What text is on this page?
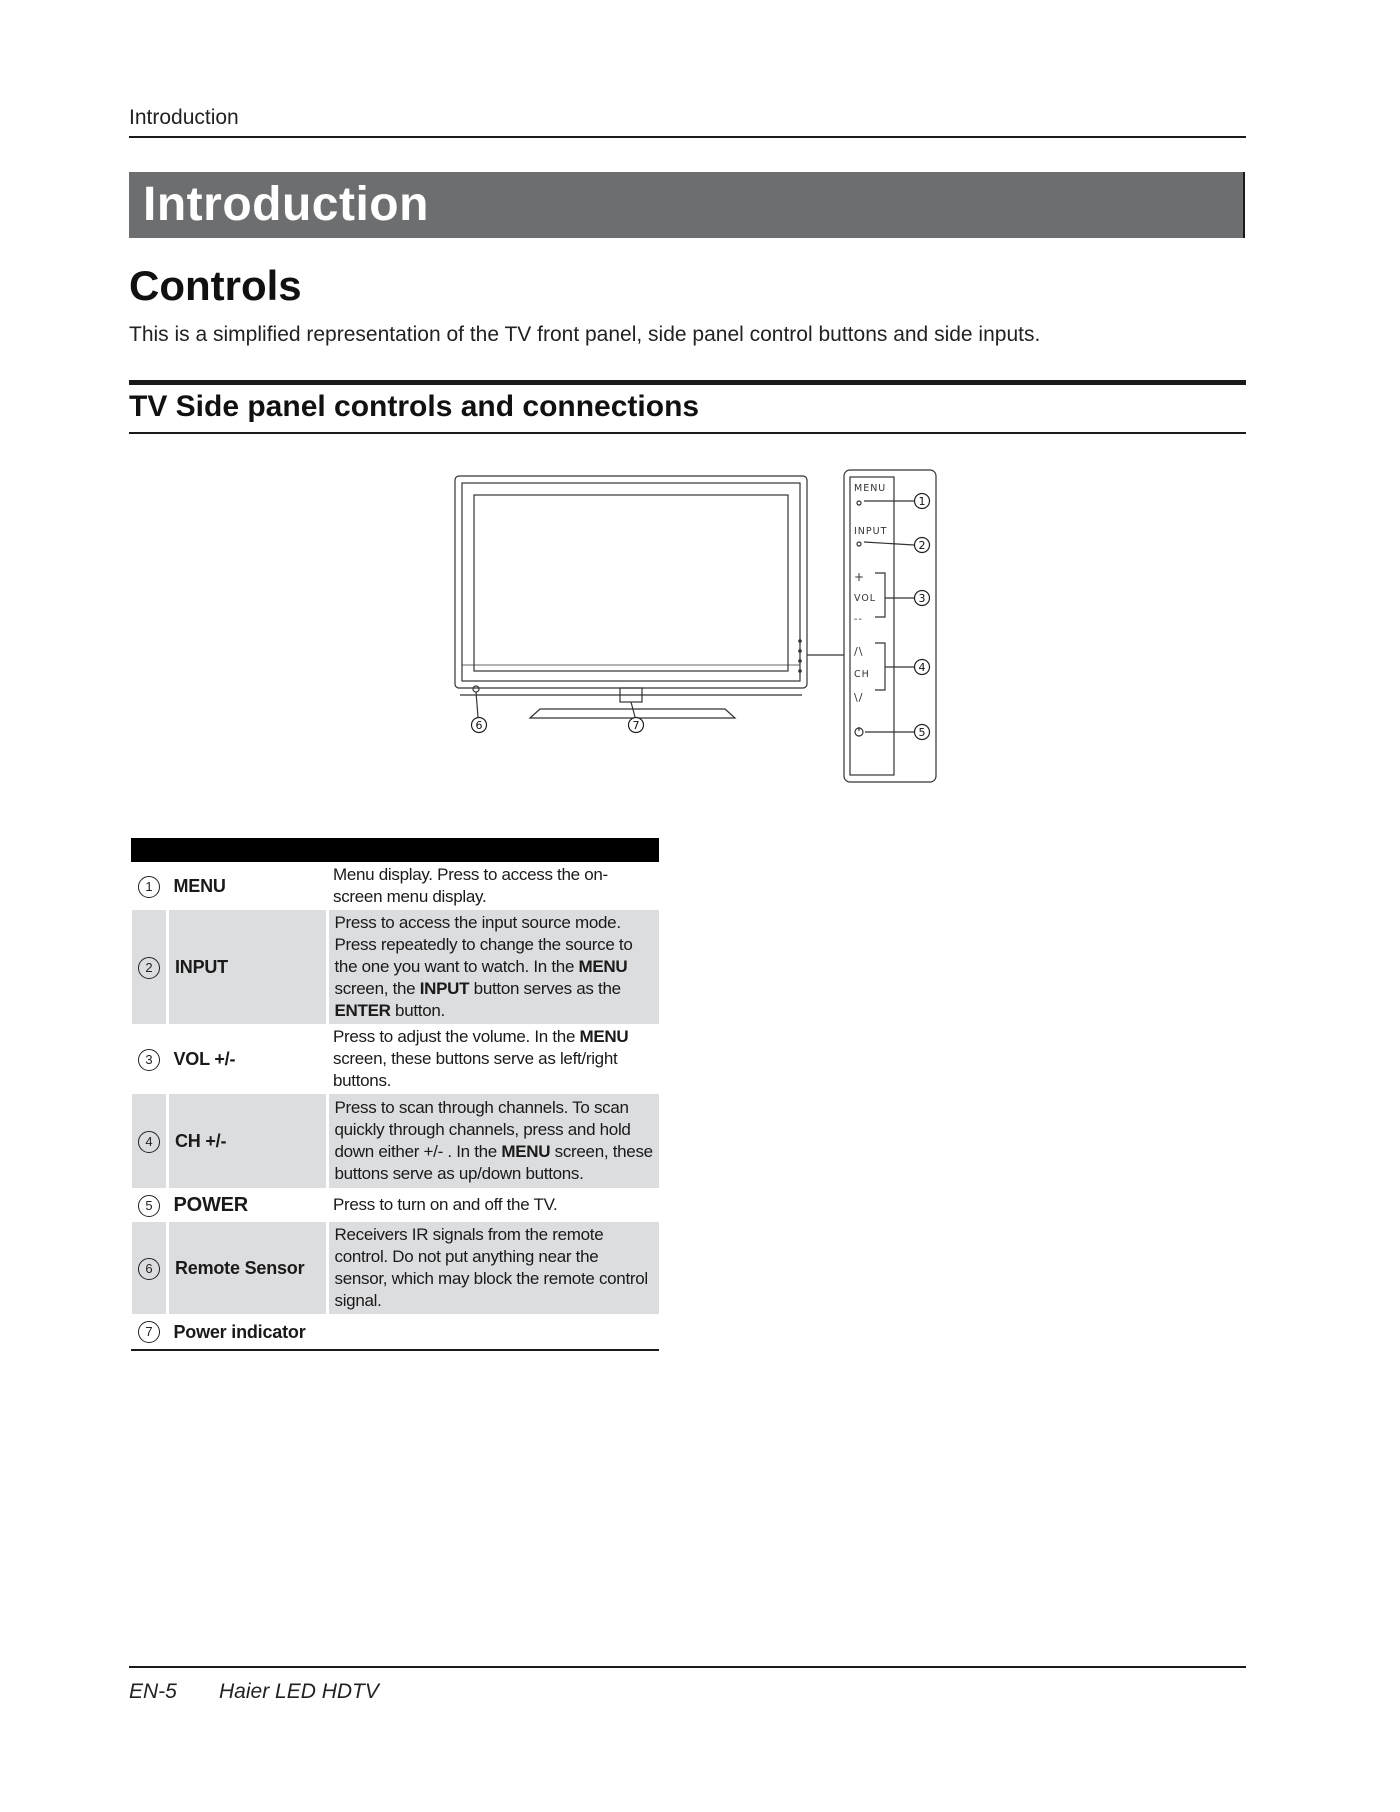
Introduction
Introduction
Controls
This is a simplified representation of the TV front panel, side panel control buttons and side inputs.
TV Side panel controls and connections
MENU
INPUT
+
VOL
--
/\
CH
\/
1
2
3
4
5
6	7

1	MENU	Menu display. Press to access the on-screen menu display.
2	INPUT	Press to access the input source mode. Press repeatedly to change the source to the one you want to watch. In the MENU screen, the INPUT button serves as the ENTER button.
3	VOL +/-	Press to adjust the volume. In the MENU screen, these buttons serve as left/right buttons.
4	CH +/-	Press to scan through channels. To scan quickly through channels, press and hold down either +/- . In the MENU screen, these buttons serve as up/down buttons.
5	POWER	Press to turn on and off the TV.
6	Remote Sensor	Receivers IR signals from the remote control. Do not put anything near the sensor, which may block the remote control signal.
7	Power indicator	
EN-5 Haier LED HDTV
